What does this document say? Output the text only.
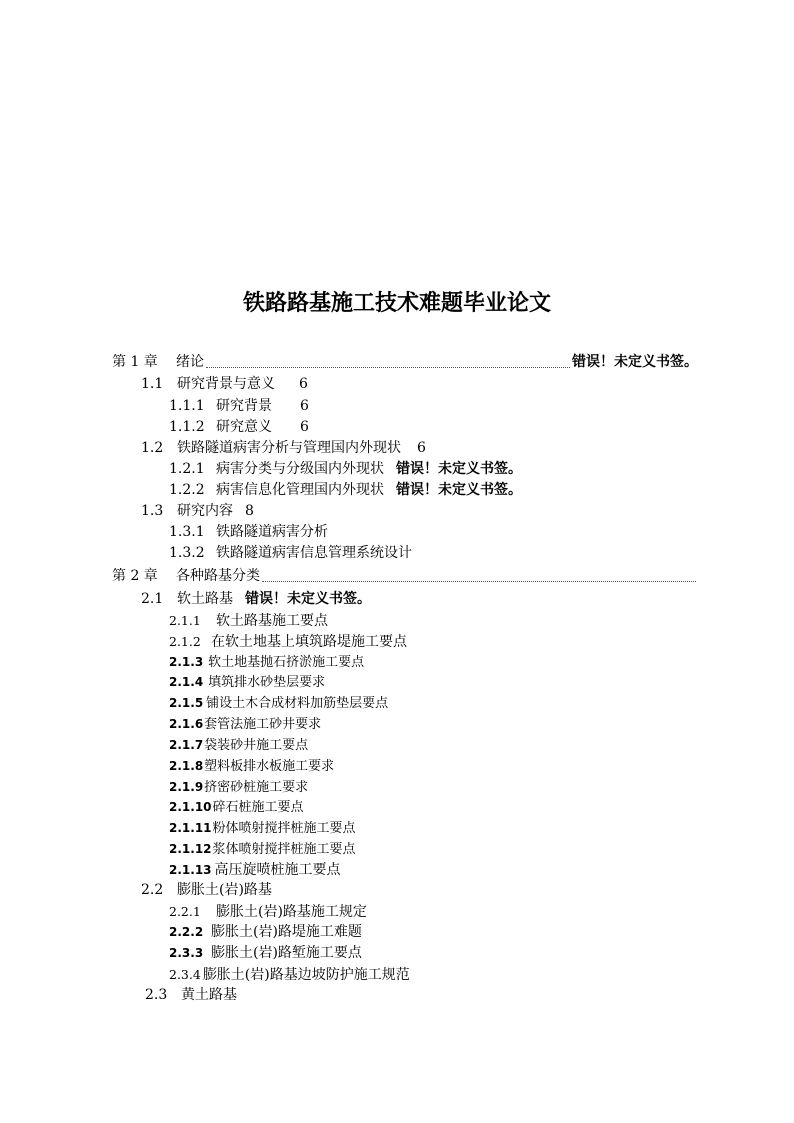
铁路路基施工技术难题毕业论文
第 1 章	绪论	错误！未定义书签。
1.1 研究背景与意义 6
1.1.1 研究背景 6
1.1.2 研究意义 6
1.2 铁路隧道病害分析与管理国内外现状 6
1.2.1 病害分类与分级国内外现状 错误！未定义书签。
1.2.2 病害信息化管理国内外现状 错误！未定义书签。
1.3 研究内容 8
1.3.1 铁路隧道病害分析
1.3.2 铁路隧道病害信息管理系统设计
第 2 章	各种路基分类
2.1 软土路基 错误！未定义书签。
2.1.1	软土路基施工要点
2.1.2 在软土地基上填筑路堤施工要点
2.1.3 软土地基抛石挤淤施工要点
2.1.4 填筑排水砂垫层要求
2.1.5 铺设土木合成材料加筋垫层要点
2.1.6 套管法施工砂井要求
2.1.7 袋装砂井施工要点
2.1.8 塑料板排水板施工要求
2.1.9 挤密砂桩施工要求
2.1.10 碎石桩施工要点
2.1.11 粉体喷射搅拌桩施工要点
2.1.12 浆体喷射搅拌桩施工要点
2.1.13 高压旋喷桩施工要点
2.2 膨胀土(岩)路基
2.2.1	膨胀土(岩)路基施工规定
2.2.2 膨胀土(岩)路堤施工难题
2.3.3 膨胀土(岩)路堑施工要点
2.3.4 膨胀土(岩)路基边坡防护施工规范
2.3 黄土路基
